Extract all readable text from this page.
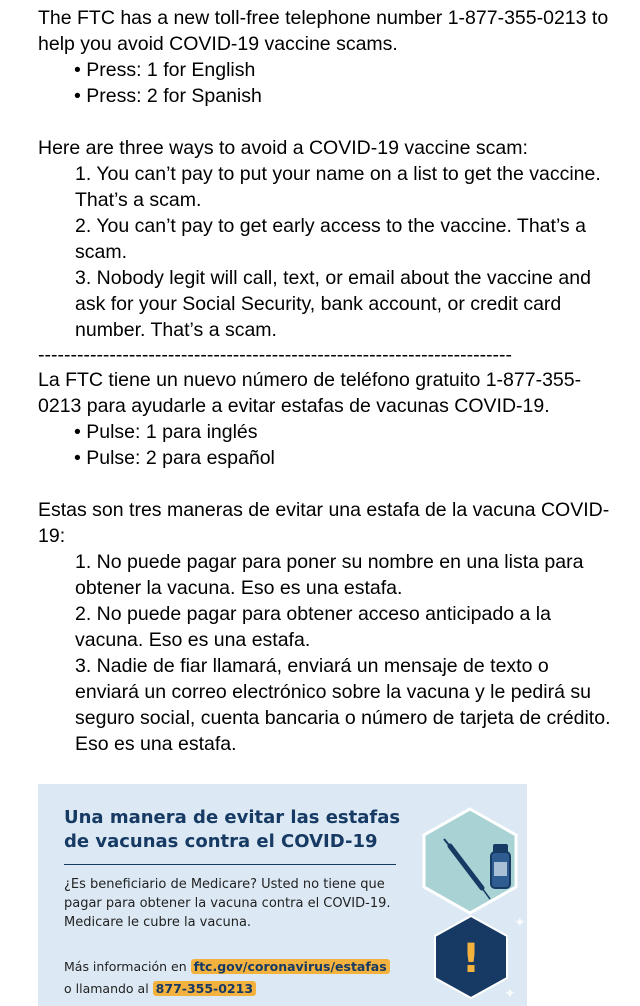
The FTC has a new toll-free telephone number 1-877-355-0213 to help you avoid COVID-19 vaccine scams.

• Press: 1 for English
• Press: 2 for Spanish

Here are three ways to avoid a COVID-19 vaccine scam:

1. You can’t pay to put your name on a list to get the vaccine. That’s a scam.
2. You can’t pay to get early access to the vaccine. That’s a scam.
3. Nobody legit will call, text, or email about the vaccine and ask for your Social Security, bank account, or credit card number. That’s a scam.
-------------------------------------------------------------------------

La FTC tiene un nuevo número de teléfono gratuito 1-877-355-0213 para ayudarle a evitar estafas de vacunas COVID-19.

• Pulse: 1 para inglés
• Pulse: 2 para español

Estas son tres maneras de evitar una estafa de la vacuna COVID-19:

1. No puede pagar para poner su nombre en una lista para obtener la vacuna. Eso es una estafa.
2. No puede pagar para obtener acceso anticipado a la vacuna. Eso es una estafa.
3. Nadie de fiar llamará, enviará un mensaje de texto o enviará un correo electrónico sobre la vacuna y le pedirá su seguro social, cuenta bancaria o número de tarjeta de crédito. Eso es una estafa.
Una manera de evitar las estafas de vacunas contra el COVID-19
¿Es beneficiario de Medicare? Usted no tiene que pagar para obtener la vacuna contra el COVID-19. Medicare le cubre la vacuna.
Más información en ftc.gov/coronavirus/estafas
o llamando al 877-355-0213
!
✦
✦
